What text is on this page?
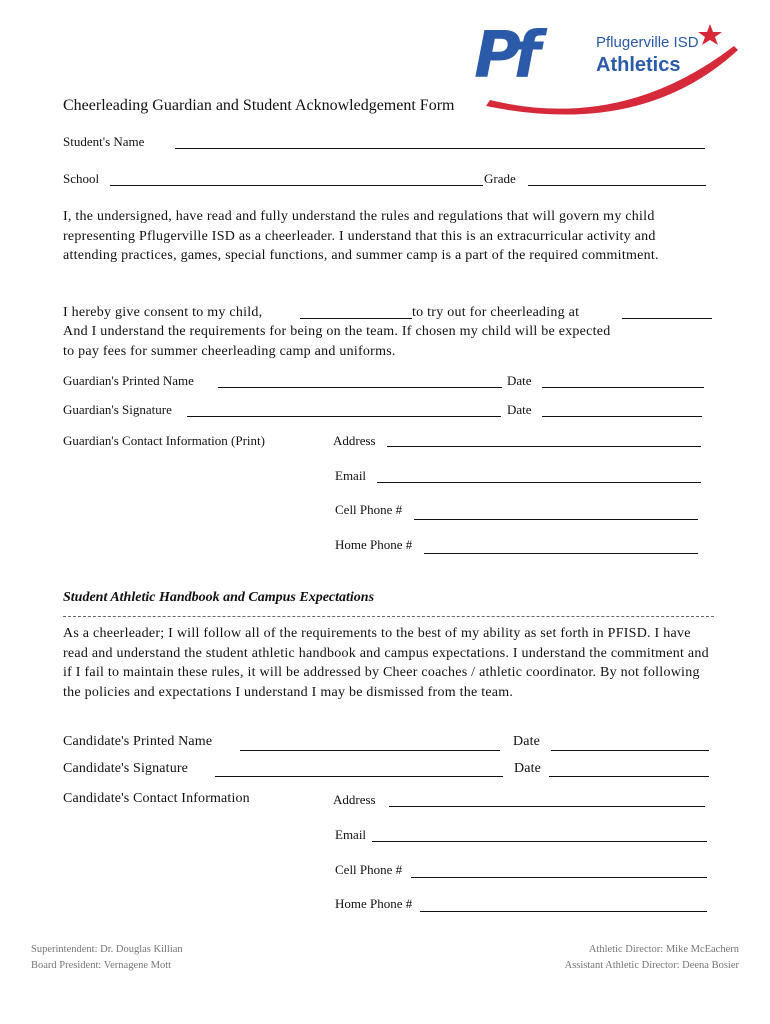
Pf	Pflugerville ISD
Athletics
Cheerleading Guardian and Student Acknowledgement Form
Student's Name
School	Grade
I, the undersigned, have read and fully understand the rules and regulations that will govern my child representing Pflugerville ISD as a cheerleader. I understand that this is an extracurricular activity and attending practices, games, special functions, and summer camp is a part of the required commitment.
I hereby give consent to my child,	to try out for cheerleading at
And I understand the requirements for being on the team. If chosen my child will be expected
to pay fees for summer cheerleading camp and uniforms.
Guardian's Printed Name	Date
Guardian's Signature	Date
Guardian's Contact Information (Print)	Address
Email
Cell Phone #
Home Phone #
Student Athletic Handbook and Campus Expectations
As a cheerleader; I will follow all of the requirements to the best of my ability as set forth in PFISD. I have read and understand the student athletic handbook and campus expectations. I understand the commitment and if I fail to maintain these rules, it will be addressed by Cheer coaches / athletic coordinator. By not following the policies and expectations I understand I may be dismissed from the team.
Candidate's Printed Name	Date
Candidate's Signature	Date
Candidate's Contact Information	Address
Email
Cell Phone #
Home Phone #
Superintendent: Dr. Douglas Killian
Board President: Vernagene Mott
Athletic Director: Mike McEachern
Assistant Athletic Director: Deena Bosier
